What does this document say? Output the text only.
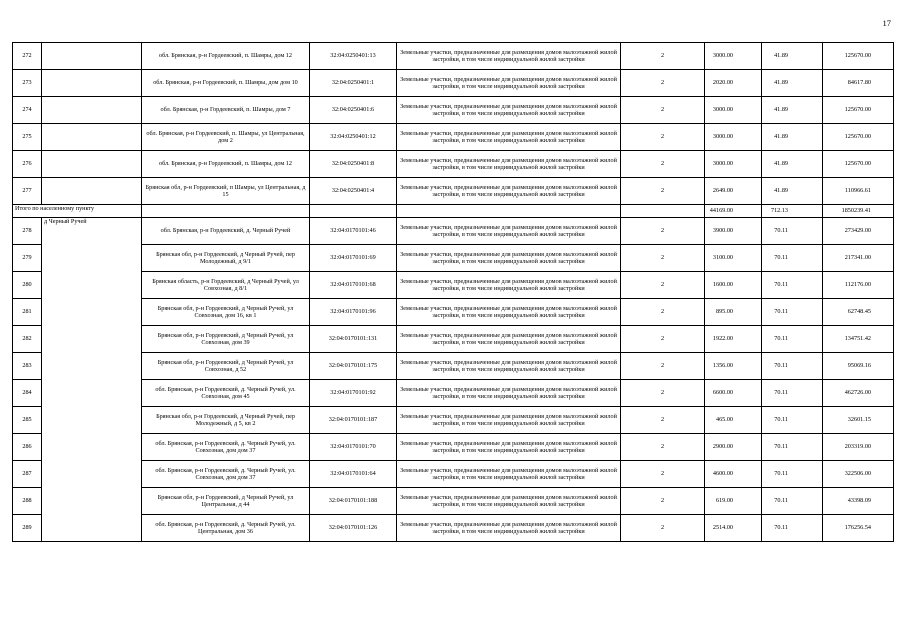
17
272		обл. Брянская, р-н Гордеевский, п. Шамры, дом 12	32:04:0250401:13	Земельные участки, предназначенные для размещения домов малоэтажной жилой застройки, в том числе индивидуальной жилой застройки	2	3000.00	41.89	125670.00
273		обл. Брянская, р-н Гордеевский, п. Шамры, дом дом 10	32:04:0250401:1	Земельные участки, предназначенные для размещения домов малоэтажной жилой застройки, в том числе индивидуальной жилой застройки	2	2020.00	41.89	84617.80
274		обл. Брянская, р-н Гордеевский, п. Шамры, дом 7	32:04:0250401:6	Земельные участки, предназначенные для размещения домов малоэтажной жилой застройки, в том числе индивидуальной жилой застройки	2	3000.00	41.89	125670.00
275		обл. Брянская, р-н Гордеевский, п. Шамры, ул Центральная, дом 2	32:04:0250401:12	Земельные участки, предназначенные для размещения домов малоэтажной жилой застройки, в том числе индивидуальной жилой застройки	2	3000.00	41.89	125670.00
276		обл. Брянская, р-н Гордеевский, п. Шамры, дом 12	32:04:0250401:8	Земельные участки, предназначенные для размещения домов малоэтажной жилой застройки, в том числе индивидуальной жилой застройки	2	3000.00	41.89	125670.00
277		Брянская обл, р-н Гордеевский, п Шамры, ул Центральная, д 15	32:04:0250401:4	Земельные участки, предназначенные для размещения домов малоэтажной жилой застройки, в том числе индивидуальной жилой застройки	2	2649.00	41.89	110966.61
Итого по населенному пункту						44169.00	712.13	1850239.41
278	д Черный Ручей	обл. Брянская, р-н Гордеевский, д. Черный Ручей	32:04:0170101:46	Земельные участки, предназначенные для размещения домов малоэтажной жилой застройки, в том числе индивидуальной жилой застройки	2	3900.00	70.11	273429.00
279		Брянская обл, р-н Гордеевский, д Черный Ручей, пер Молодежный, д 9/1	32:04:0170101:69	Земельные участки, предназначенные для размещения домов малоэтажной жилой застройки, в том числе индивидуальной жилой застройки	2	3100.00	70.11	217341.00
280		Брянская область, р-н Гордеевский, д Черный Ручей, ул Совхозная, д 8/1	32:04:0170101:68	Земельные участки, предназначенные для размещения домов малоэтажной жилой застройки, в том числе индивидуальной жилой застройки	2	1600.00	70.11	112176.00
281		Брянская обл, р-н Гордеевский, д Черный Ручей, ул Совхозная, дом 16, кв 1	32:04:0170101:96	Земельные участки, предназначенные для размещения домов малоэтажной жилой застройки, в том числе индивидуальной жилой застройки	2	895.00	70.11	62748.45
282		Брянская обл, р-н Гордеевский, д Черный Ручей, ул Совхозная, дом 39	32:04:0170101:131	Земельные участки, предназначенные для размещения домов малоэтажной жилой застройки, в том числе индивидуальной жилой застройки	2	1922.00	70.11	134751.42
283		Брянская обл, р-н Гордеевский, д Черный Ручей, ул Совхозная, д 52	32:04:0170101:175	Земельные участки, предназначенные для размещения домов малоэтажной жилой застройки, в том числе индивидуальной жилой застройки	2	1356.00	70.11	95069.16
284		обл. Брянская, р-н Гордеевский, д. Черный Ручей, ул. Совхозная, дом 45	32:04:0170101:92	Земельные участки, предназначенные для размещения домов малоэтажной жилой застройки, в том числе индивидуальной жилой застройки	2	6600.00	70.11	462726.00
285		Брянская обл, р-н Гордеевский, д Черный Ручей, пер Молодежный, д 5, кв 2	32:04:0170101:187	Земельные участки, предназначенные для размещения домов малоэтажной жилой застройки, в том числе индивидуальной жилой застройки	2	465.00	70.11	32601.15
286		обл. Брянская, р-н Гордеевский, д. Черный Ручей, ул. Совхозная, дом дом 37	32:04:0170101:70	Земельные участки, предназначенные для размещения домов малоэтажной жилой застройки, в том числе индивидуальной жилой застройки	2	2900.00	70.11	203319.00
287		обл. Брянская, р-н Гордеевский, д. Черный Ручей, ул. Совхозная, дом дом 37	32:04:0170101:64	Земельные участки, предназначенные для размещения домов малоэтажной жилой застройки, в том числе индивидуальной жилой застройки	2	4600.00	70.11	322506.00
288		Брянская обл, р-н Гордеевский, д Черный Ручей, ул Центральная, д 44	32:04:0170101:188	Земельные участки, предназначенные для размещения домов малоэтажной жилой застройки, в том числе индивидуальной жилой застройки	2	619.00	70.11	43398.09
289		обл. Брянская, р-н Гордеевский, д. Черный Ручей, ул. Центральная, дом 36	32:04:0170101:126	Земельные участки, предназначенные для размещения домов малоэтажной жилой застройки, в том числе индивидуальной жилой застройки	2	2514.00	70.11	176256.54
